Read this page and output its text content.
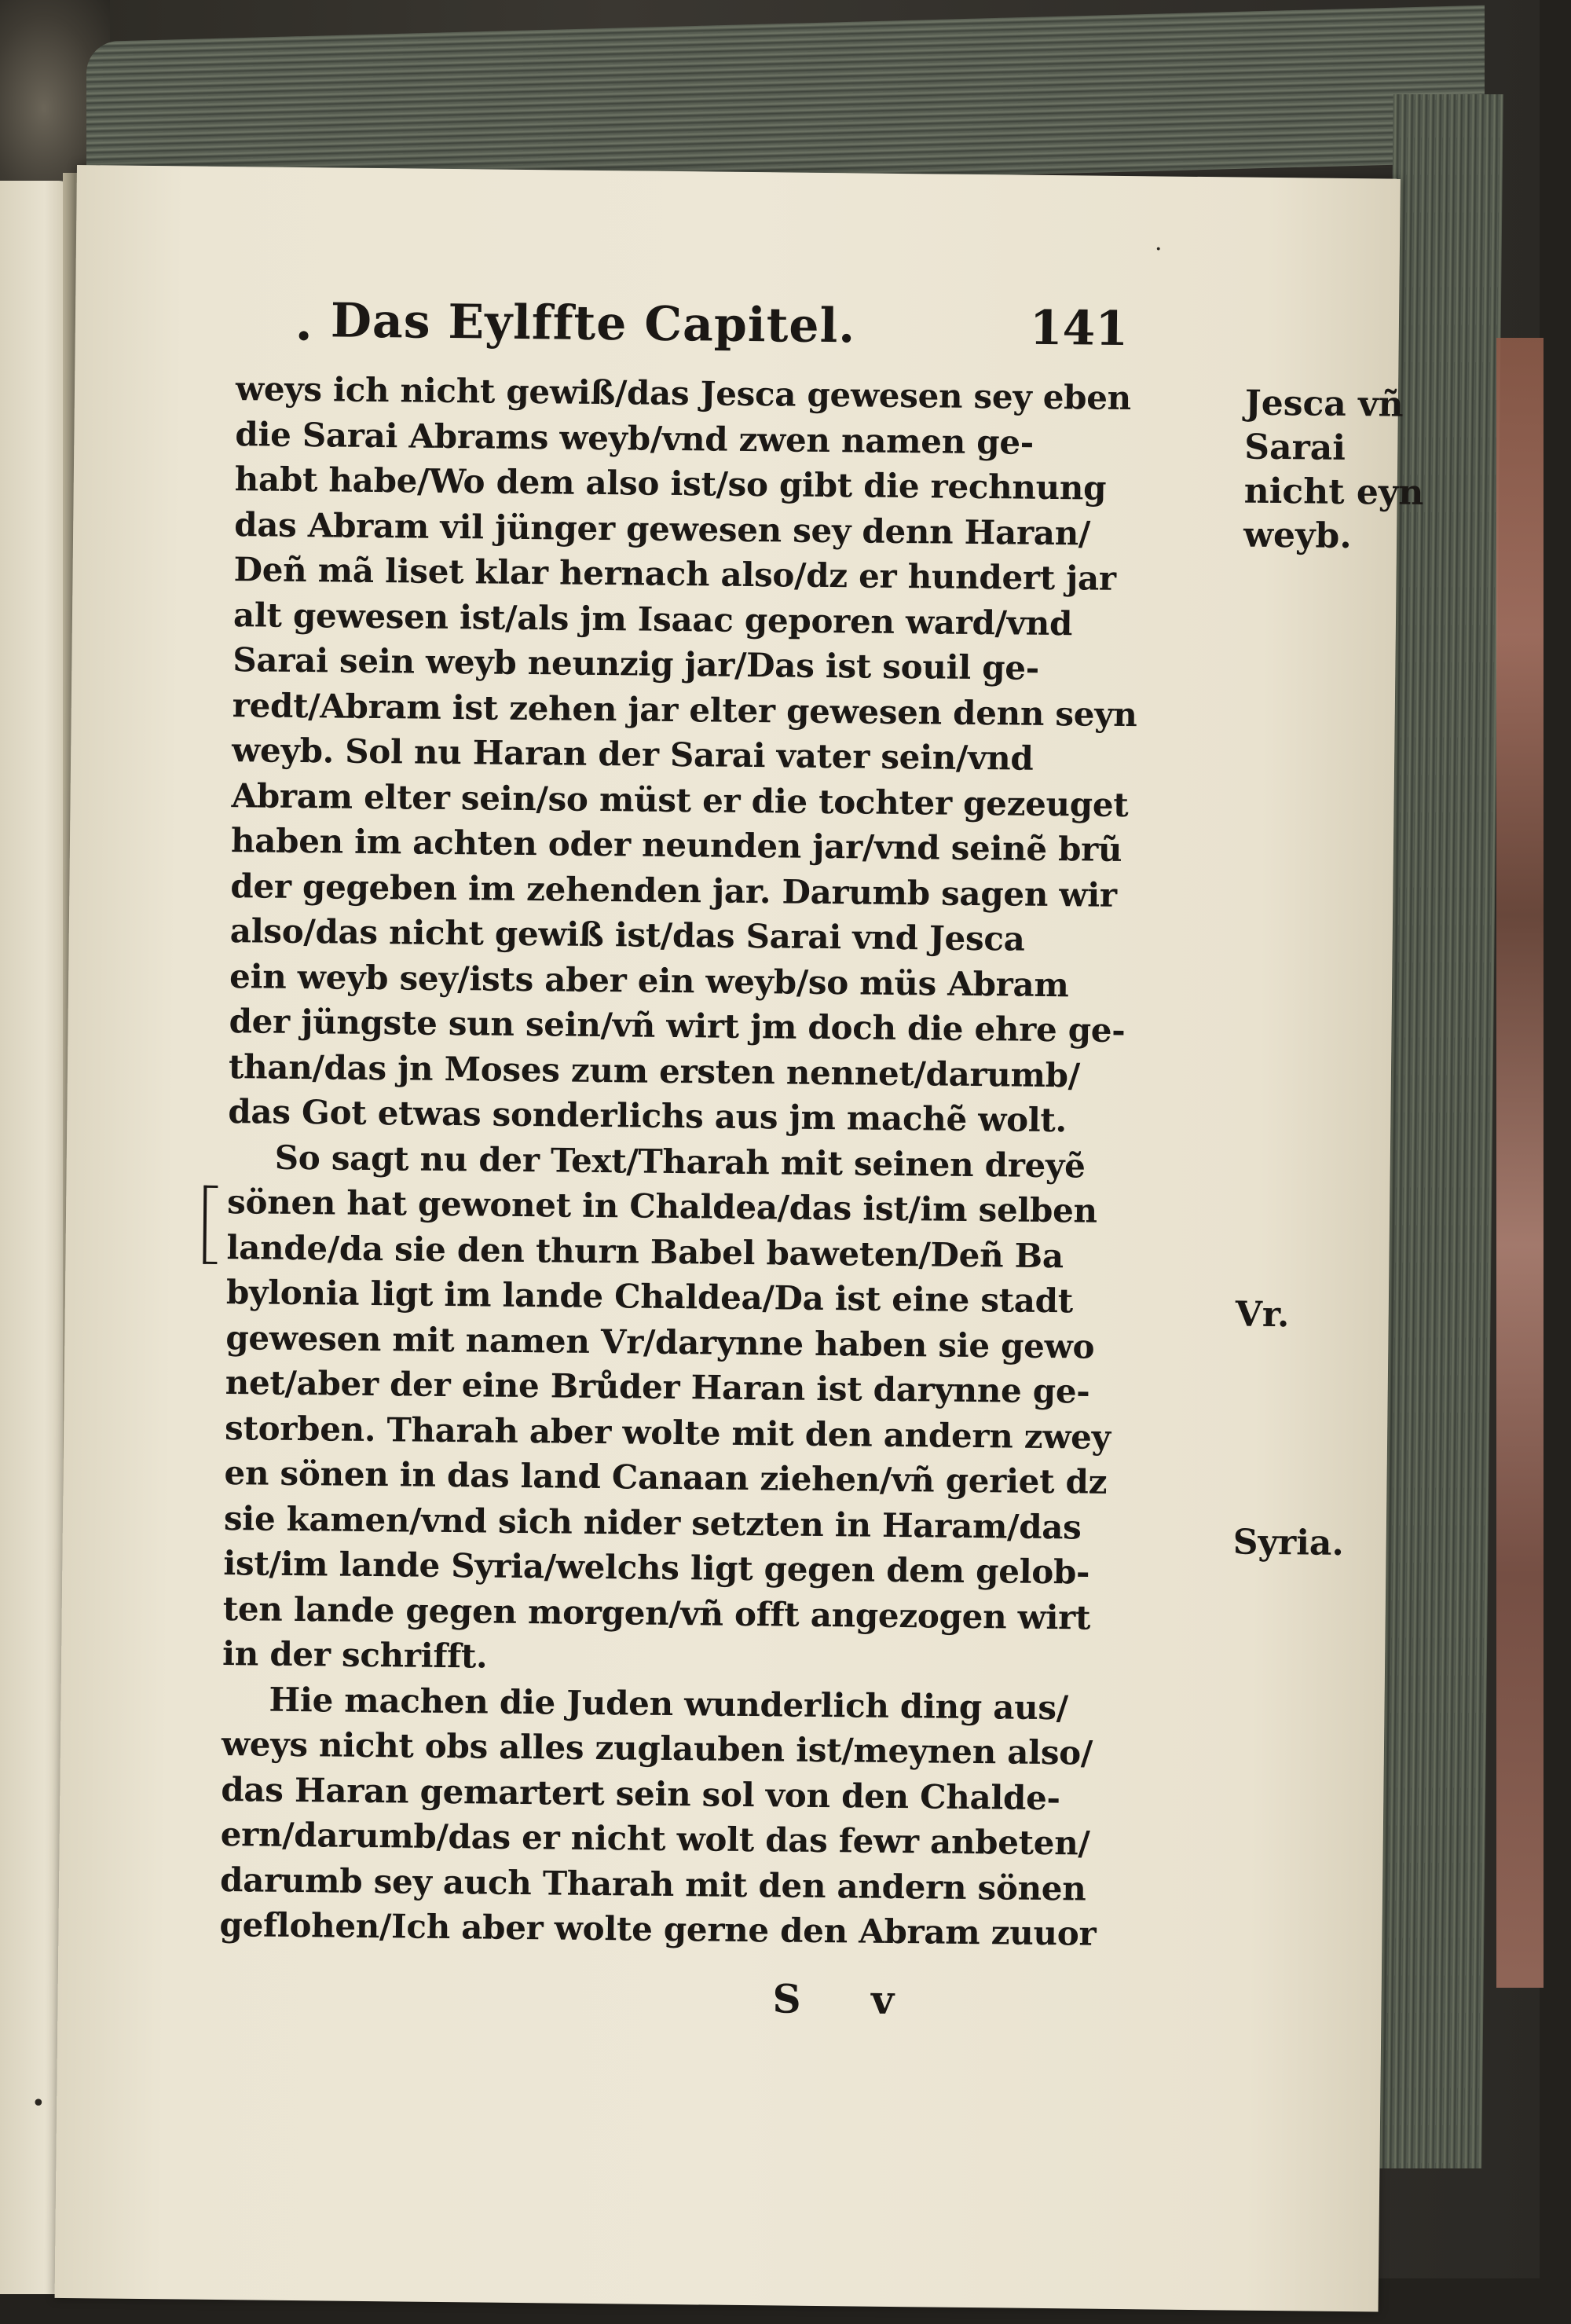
• Das Eylffte Capitel.	141
weys ich nicht gewiß/das Jesca gewesen sey eben
die Sarai Abrams weyb/vnd zwen namen ge-
habt habe/Wo dem also ist/so gibt die rechnung
das Abram vil jünger gewesen sey denn Haran/
Deñ mã liset klar hernach also/dz er hundert jar
alt gewesen ist/als jm Isaac geporen ward/vnd
Sarai sein weyb neunzig jar/Das ist souil ge-
redt/Abram ist zehen jar elter gewesen denn seyn
weyb. Sol nu Haran der Sarai vater sein/vnd
Abram elter sein/so müst er die tochter gezeuget
haben im achten oder neunden jar/vnd seinẽ brũ
der gegeben im zehenden jar. Darumb sagen wir
also/das nicht gewiß ist/das Sarai vnd Jesca
ein weyb sey/ists aber ein weyb/so müs Abram
der jüngste sun sein/vñ wirt jm doch die ehre ge-
than/das jn Moses zum ersten nennet/darumb/
das Got etwas sonderlichs aus jm machẽ wolt.
So sagt nu der Text/Tharah mit seinen dreyẽ
sönen hat gewonet in Chaldea/das ist/im selben
lande/da sie den thurn Babel baweten/Deñ Ba
bylonia ligt im lande Chaldea/Da ist eine stadt
gewesen mit namen Vr/darynne haben sie gewo
net/aber der eine Brůder Haran ist darynne ge-
storben. Tharah aber wolte mit den andern zwey
en sönen in das land Canaan ziehen/vñ geriet dz
sie kamen/vnd sich nider setzten in Haram/das
ist/im lande Syria/welchs ligt gegen dem gelob-
ten lande gegen morgen/vñ offt angezogen wirt
in der schrifft.
Hie machen die Juden wunderlich ding aus/
weys nicht obs alles zuglauben ist/meynen also/
das Haran gemartert sein sol von den Chalde-
ern/darumb/das er nicht wolt das fewr anbeten/
darumb sey auch Tharah mit den andern sönen
geflohen/Ich aber wolte gerne den Abram zuuor
Jesca vñ
Sarai
nicht eyn
weyb.
Vr.
Syria.
S v
·
•
